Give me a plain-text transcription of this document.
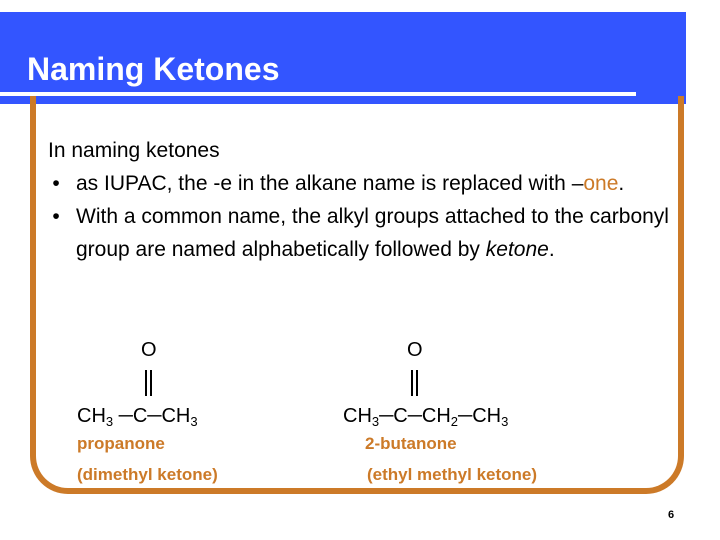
Naming Ketones

In naming ketones

• as IUPAC, the -e in the alkane name is replaced with –one.

• With a common name, the alkyl groups attached to the carbonyl group are named alphabetically followed by ketone.

O
$CH_3$ $─C─CH_3$
propanone
(dimethyl ketone)
O
$CH_3─C─CH_2─CH_3$
2-butanone
(ethyl methyl ketone)
6
